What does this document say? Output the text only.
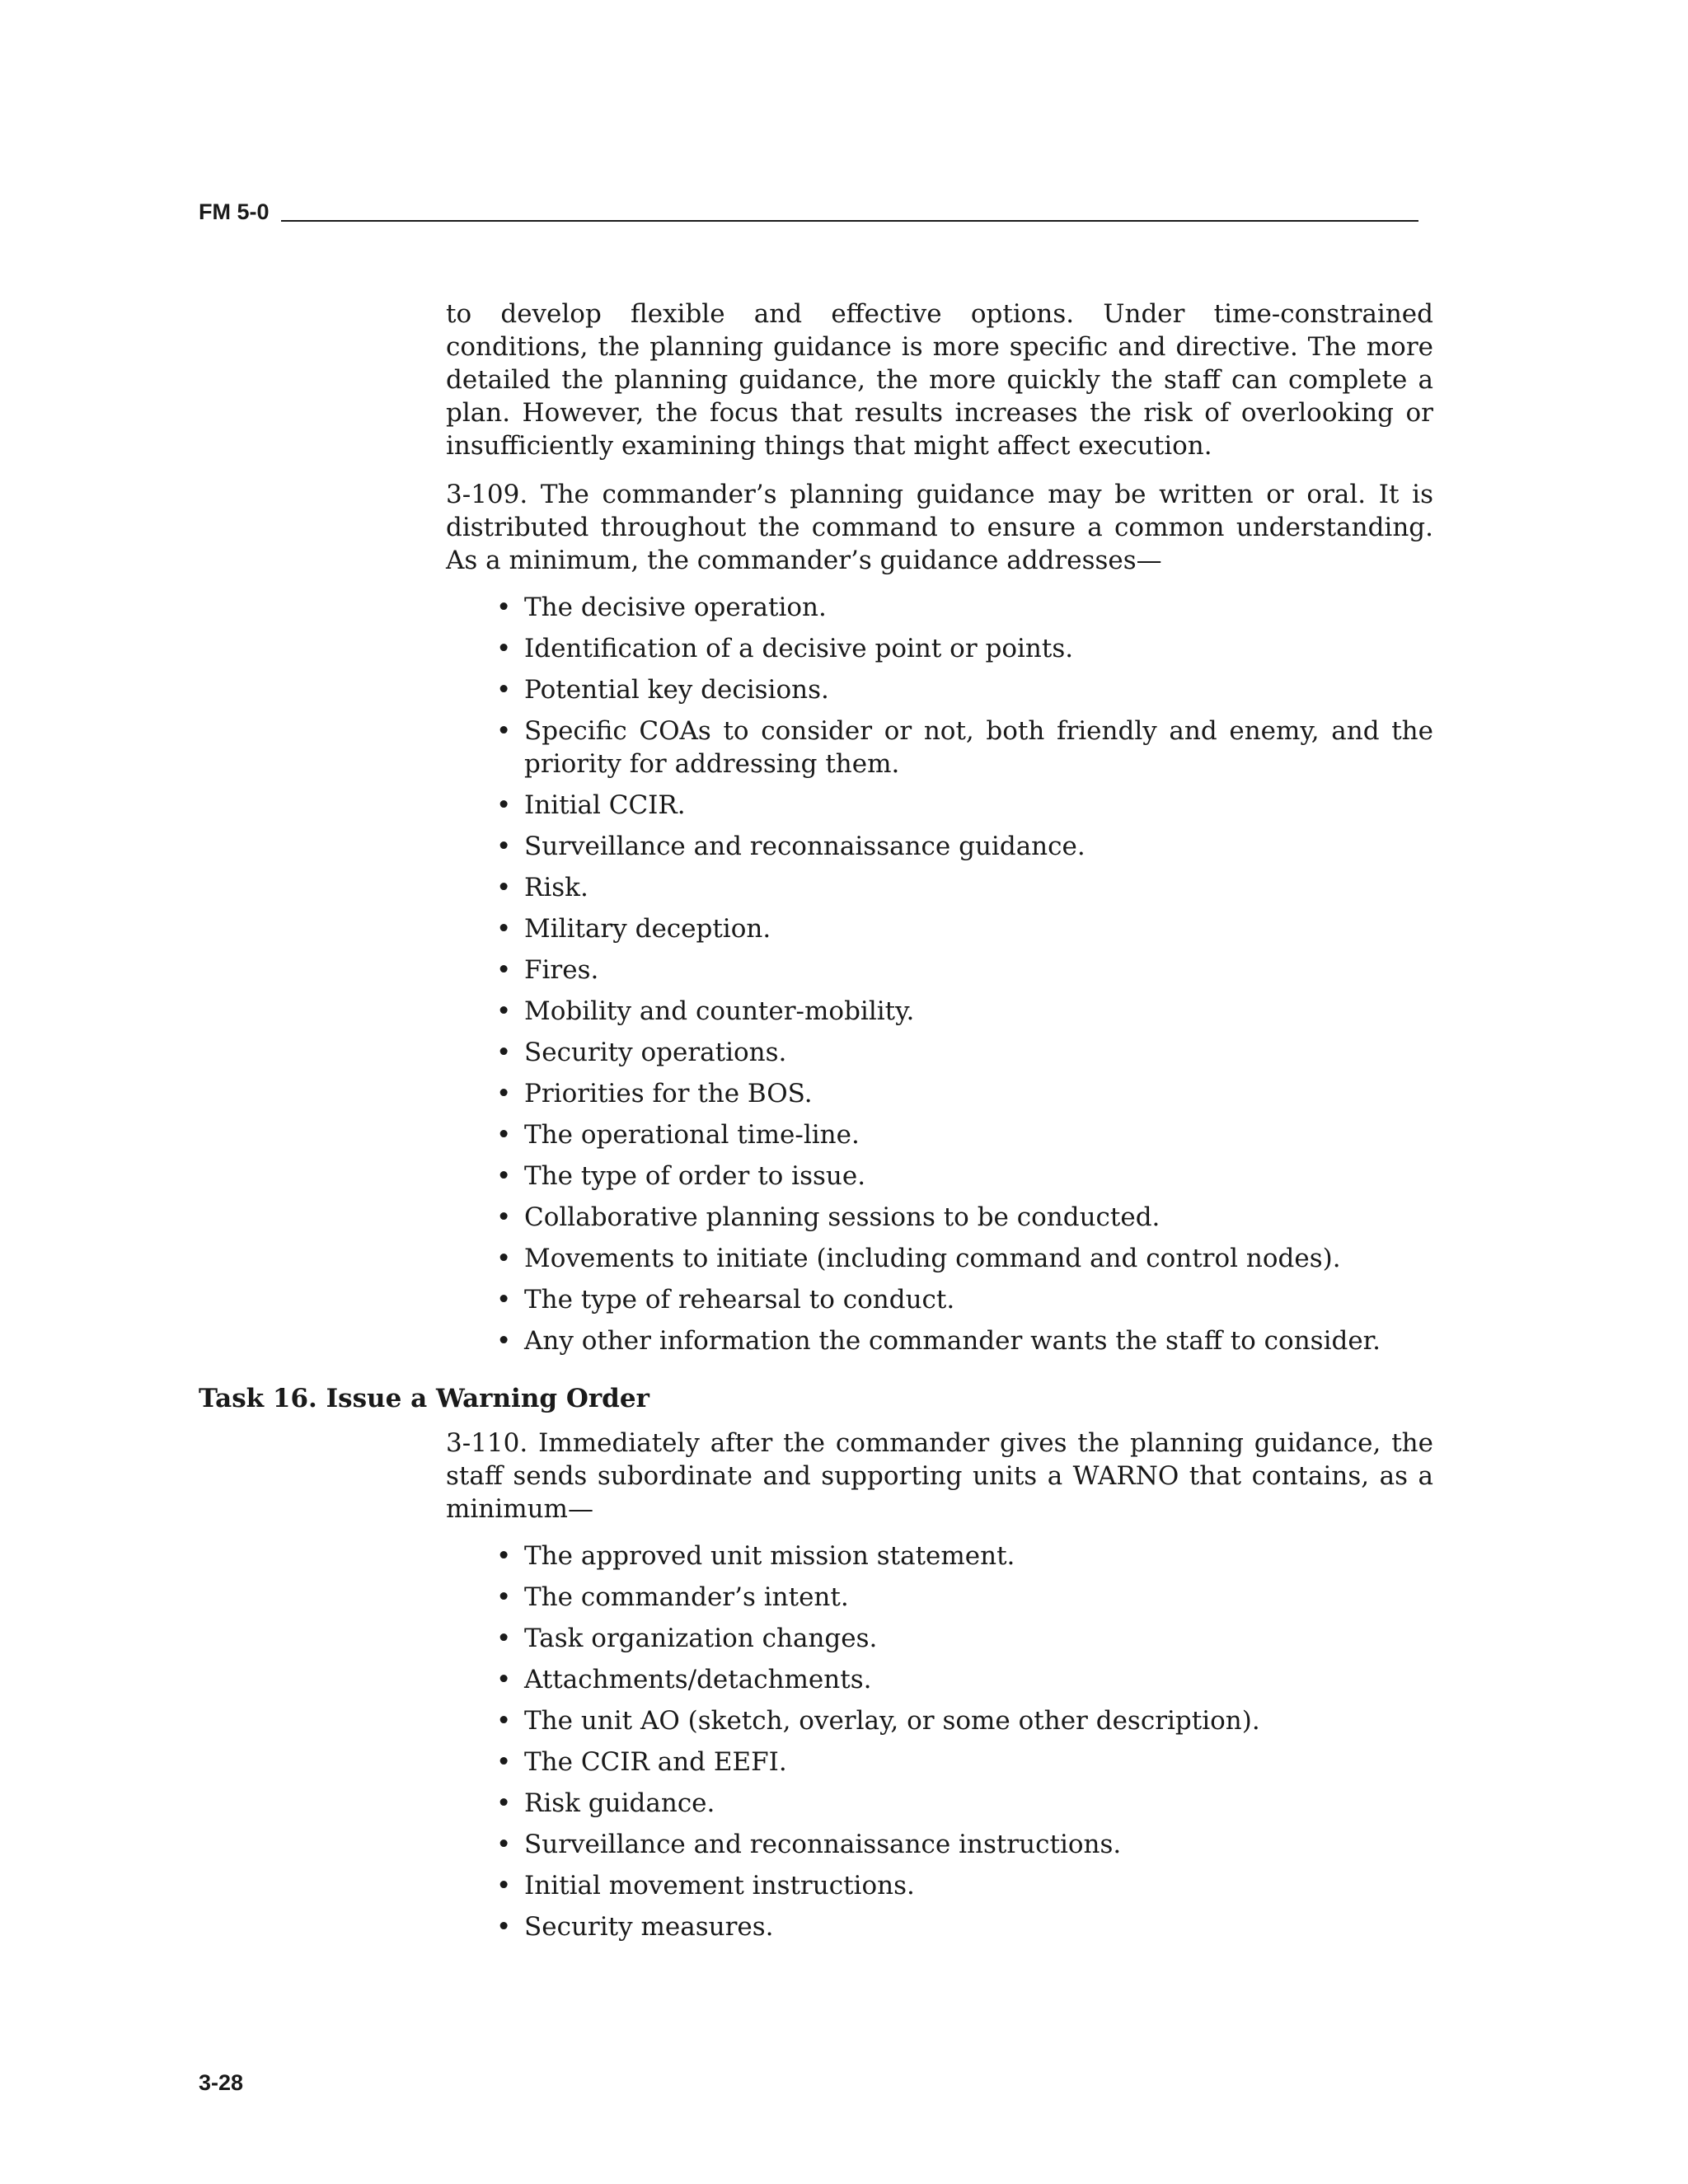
FM 5-0

to develop flexible and effective options. Under time-constrained conditions, the planning guidance is more specific and directive. The more detailed the planning guidance, the more quickly the staff can complete a plan. However, the focus that results increases the risk of overlooking or insufficiently examining things that might affect execution.

3-109. The commander’s planning guidance may be written or oral. It is distributed throughout the command to ensure a common understanding. As a minimum, the commander’s guidance addresses—

• The decisive operation.
• Identification of a decisive point or points.
• Potential key decisions.
• Specific COAs to consider or not, both friendly and enemy, and the priority for addressing them.
• Initial CCIR.
• Surveillance and reconnaissance guidance.
• Risk.
• Military deception.
• Fires.
• Mobility and counter-mobility.
• Security operations.
• Priorities for the BOS.
• The operational time-line.
• The type of order to issue.
• Collaborative planning sessions to be conducted.
• Movements to initiate (including command and control nodes).
• The type of rehearsal to conduct.
• Any other information the commander wants the staff to consider.
Task 16. Issue a Warning Order

3-110. Immediately after the commander gives the planning guidance, the staff sends subordinate and supporting units a WARNO that contains, as a minimum—

• The approved unit mission statement.
• The commander’s intent.
• Task organization changes.
• Attachments/detachments.
• The unit AO (sketch, overlay, or some other description).
• The CCIR and EEFI.
• Risk guidance.
• Surveillance and reconnaissance instructions.
• Initial movement instructions.
• Security measures.
3-28
